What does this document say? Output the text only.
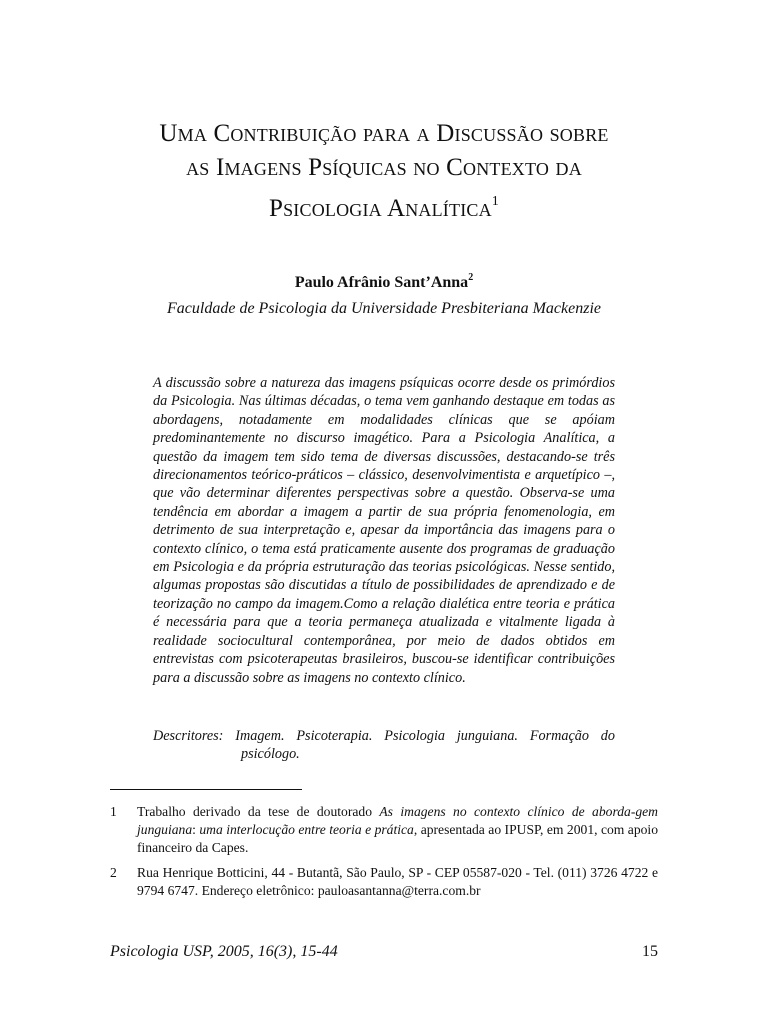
Uma Contribuição para a Discussão sobre
as Imagens Psíquicas no Contexto da
Psicologia Analítica$^1$
Paulo Afrânio Sant’Anna$^2$
Faculdade de Psicologia da Universidade Presbiteriana Mackenzie

A discussão sobre a natureza das imagens psíquicas ocorre desde os primórdios da Psicologia. Nas últimas décadas, o tema vem ganhando destaque em todas as abordagens, notadamente em modalidades clínicas que se apóiam predominantemente no discurso imagético. Para a Psicologia Analítica, a questão da imagem tem sido tema de diversas discussões, destacando-se três direcionamentos teórico-práticos – clássico, desenvolvimentista e arquetípico –, que vão determinar diferentes perspectivas sobre a questão. Observa-se uma tendência em abordar a imagem a partir de sua própria fenomenologia, em detrimento de sua interpretação e, apesar da importância das imagens para o contexto clínico, o tema está praticamente ausente dos programas de graduação em Psicologia e da própria estruturação das teorias psicológicas. Nesse sentido, algumas propostas são discutidas a título de possibilidades de aprendizado e de teorização no campo da imagem.Como a relação dialética entre teoria e prática é necessária para que a teoria permaneça atualizada e vitalmente ligada à realidade sociocultural contemporânea, por meio de dados obtidos em entrevistas com psicoterapeutas brasileiros, buscou-se identificar contribuições para a discussão sobre as imagens no contexto clínico.

Descritores: Imagem. Psicoterapia. Psicologia junguiana. Formação do psicólogo.

1 Trabalho derivado da tese de doutorado As imagens no contexto clínico de aborda-gem junguiana: uma interlocução entre teoria e prática, apresentada ao IPUSP, em 2001, com apoio financeiro da Capes.
2 Rua Henrique Botticini, 44 - Butantã, São Paulo, SP - CEP 05587-020 - Tel. (011) 3726 4722 e 9794 6747. Endereço eletrônico: pauloasantanna@terra.com.br
Psicologia USP, 2005, 16(3), 15-44	15
